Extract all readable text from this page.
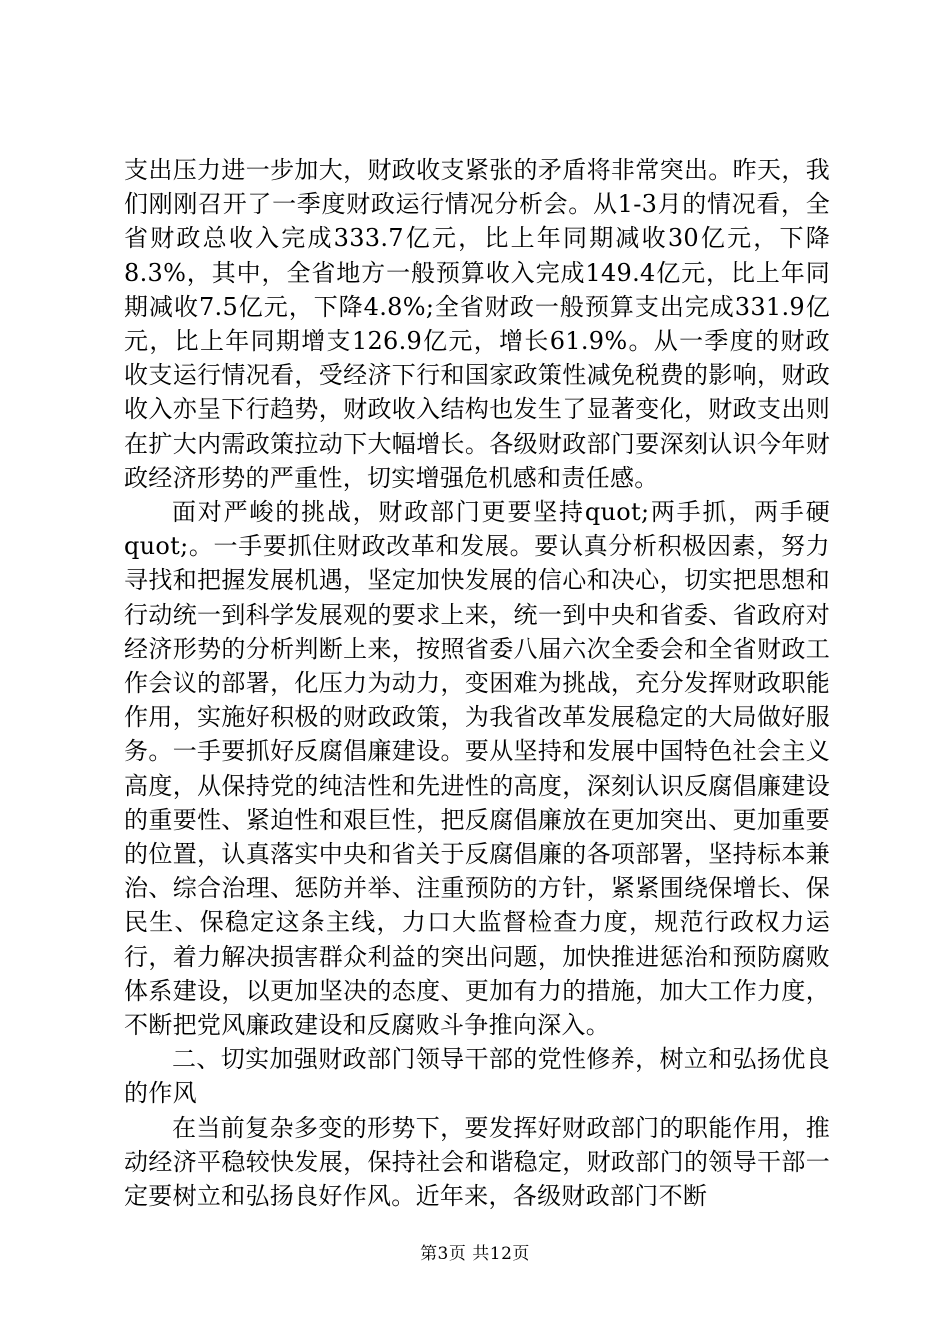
支出压力进一步加大，财政收支紧张的矛盾将非常突出。昨天，我们刚刚召开了一季度财政运行情况分析会。从1-3月的情况看，全省财政总收入完成333.7亿元，比上年同期减收30亿元，下降8.3%，其中，全省地方一般预算收入完成149.4亿元，比上年同期减收7.5亿元，下降4.8%;全省财政一般预算支出完成331.9亿元，比上年同期增支126.9亿元，增长61.9%。从一季度的财政收支运行情况看，受经济下行和国家政策性减免税费的影响，财政收入亦呈下行趋势，财政收入结构也发生了显著变化，财政支出则在扩大内需政策拉动下大幅增长。各级财政部门要深刻认识今年财政经济形势的严重性，切实增强危机感和责任感。

面对严峻的挑战，财政部门更要坚持quot;两手抓，两手硬quot;。一手要抓住财政改革和发展。要认真分析积极因素，努力寻找和把握发展机遇，坚定加快发展的信心和决心，切实把思想和行动统一到科学发展观的要求上来，统一到中央和省委、省政府对经济形势的分析判断上来，按照省委八届六次全委会和全省财政工作会议的部署，化压力为动力，变困难为挑战，充分发挥财政职能作用，实施好积极的财政政策，为我省改革发展稳定的大局做好服务。一手要抓好反腐倡廉建设。要从坚持和发展中国特色社会主义高度，从保持党的纯洁性和先进性的高度，深刻认识反腐倡廉建设的重要性、紧迫性和艰巨性，把反腐倡廉放在更加突出、更加重要的位置，认真落实中央和省关于反腐倡廉的各项部署，坚持标本兼治、综合治理、惩防并举、注重预防的方针，紧紧围绕保增长、保民生、保稳定这条主线，力口大监督检查力度，规范行政权力运行，着力解决损害群众利益的突出问题，加快推进惩治和预防腐败体系建设，以更加坚决的态度、更加有力的措施，加大工作力度，不断把党风廉政建设和反腐败斗争推向深入。

二、切实加强财政部门领导干部的党性修养，树立和弘扬优良的作风

在当前复杂多变的形势下，要发挥好财政部门的职能作用，推动经济平稳较快发展，保持社会和谐稳定，财政部门的领导干部一定要树立和弘扬良好作风。近年来，各级财政部门不断

第3页 共12页
